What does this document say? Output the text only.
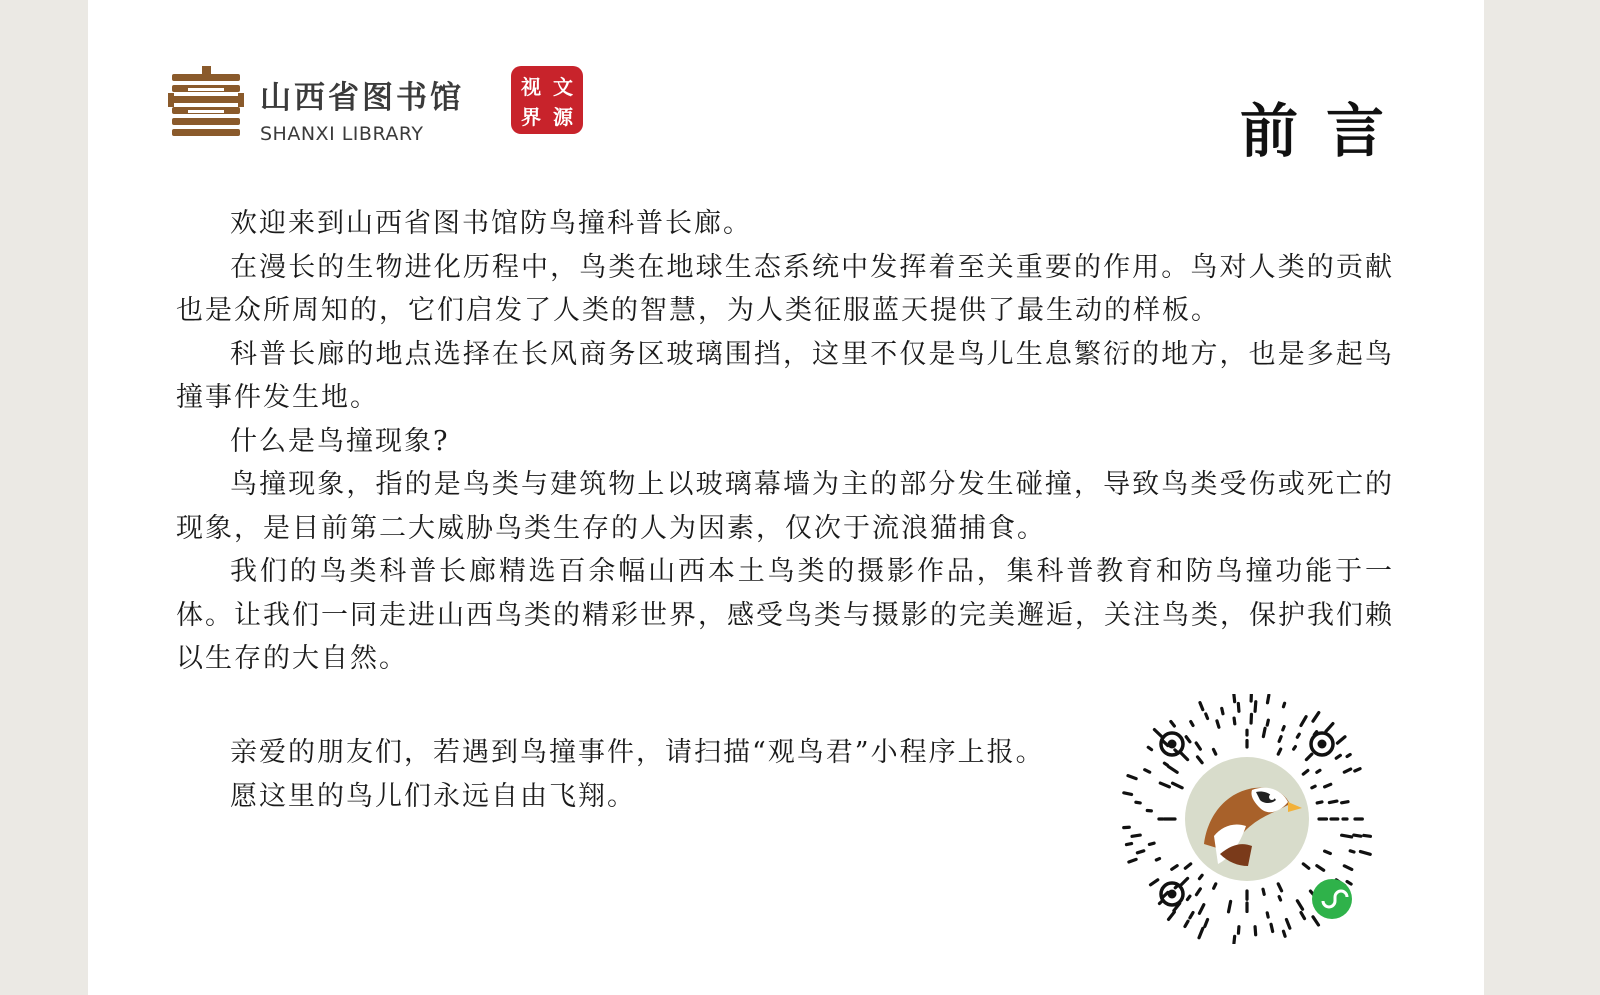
山西省图书馆
SHANXI LIBRARY
视 文
界 源	前言

欢迎来到山西省图书馆防鸟撞科普长廊。

在漫长的生物进化历程中，鸟类在地球生态系统中发挥着至关重要的作用。鸟对人类的贡献也是众所周知的，它们启发了人类的智慧，为人类征服蓝天提供了最生动的样板。

科普长廊的地点选择在长风商务区玻璃围挡，这里不仅是鸟儿生息繁衍的地方，也是多起鸟撞事件发生地。

什么是鸟撞现象?

鸟撞现象，指的是鸟类与建筑物上以玻璃幕墙为主的部分发生碰撞，导致鸟类受伤或死亡的现象，是目前第二大威胁鸟类生存的人为因素，仅次于流浪猫捕食。

我们的鸟类科普长廊精选百余幅山西本土鸟类的摄影作品，集科普教育和防鸟撞功能于一体。让我们一同走进山西鸟类的精彩世界，感受鸟类与摄影的完美邂逅，关注鸟类，保护我们赖以生存的大自然。

亲爱的朋友们，若遇到鸟撞事件，请扫描“观鸟君”小程序上报。

愿这里的鸟儿们永远自由飞翔。
